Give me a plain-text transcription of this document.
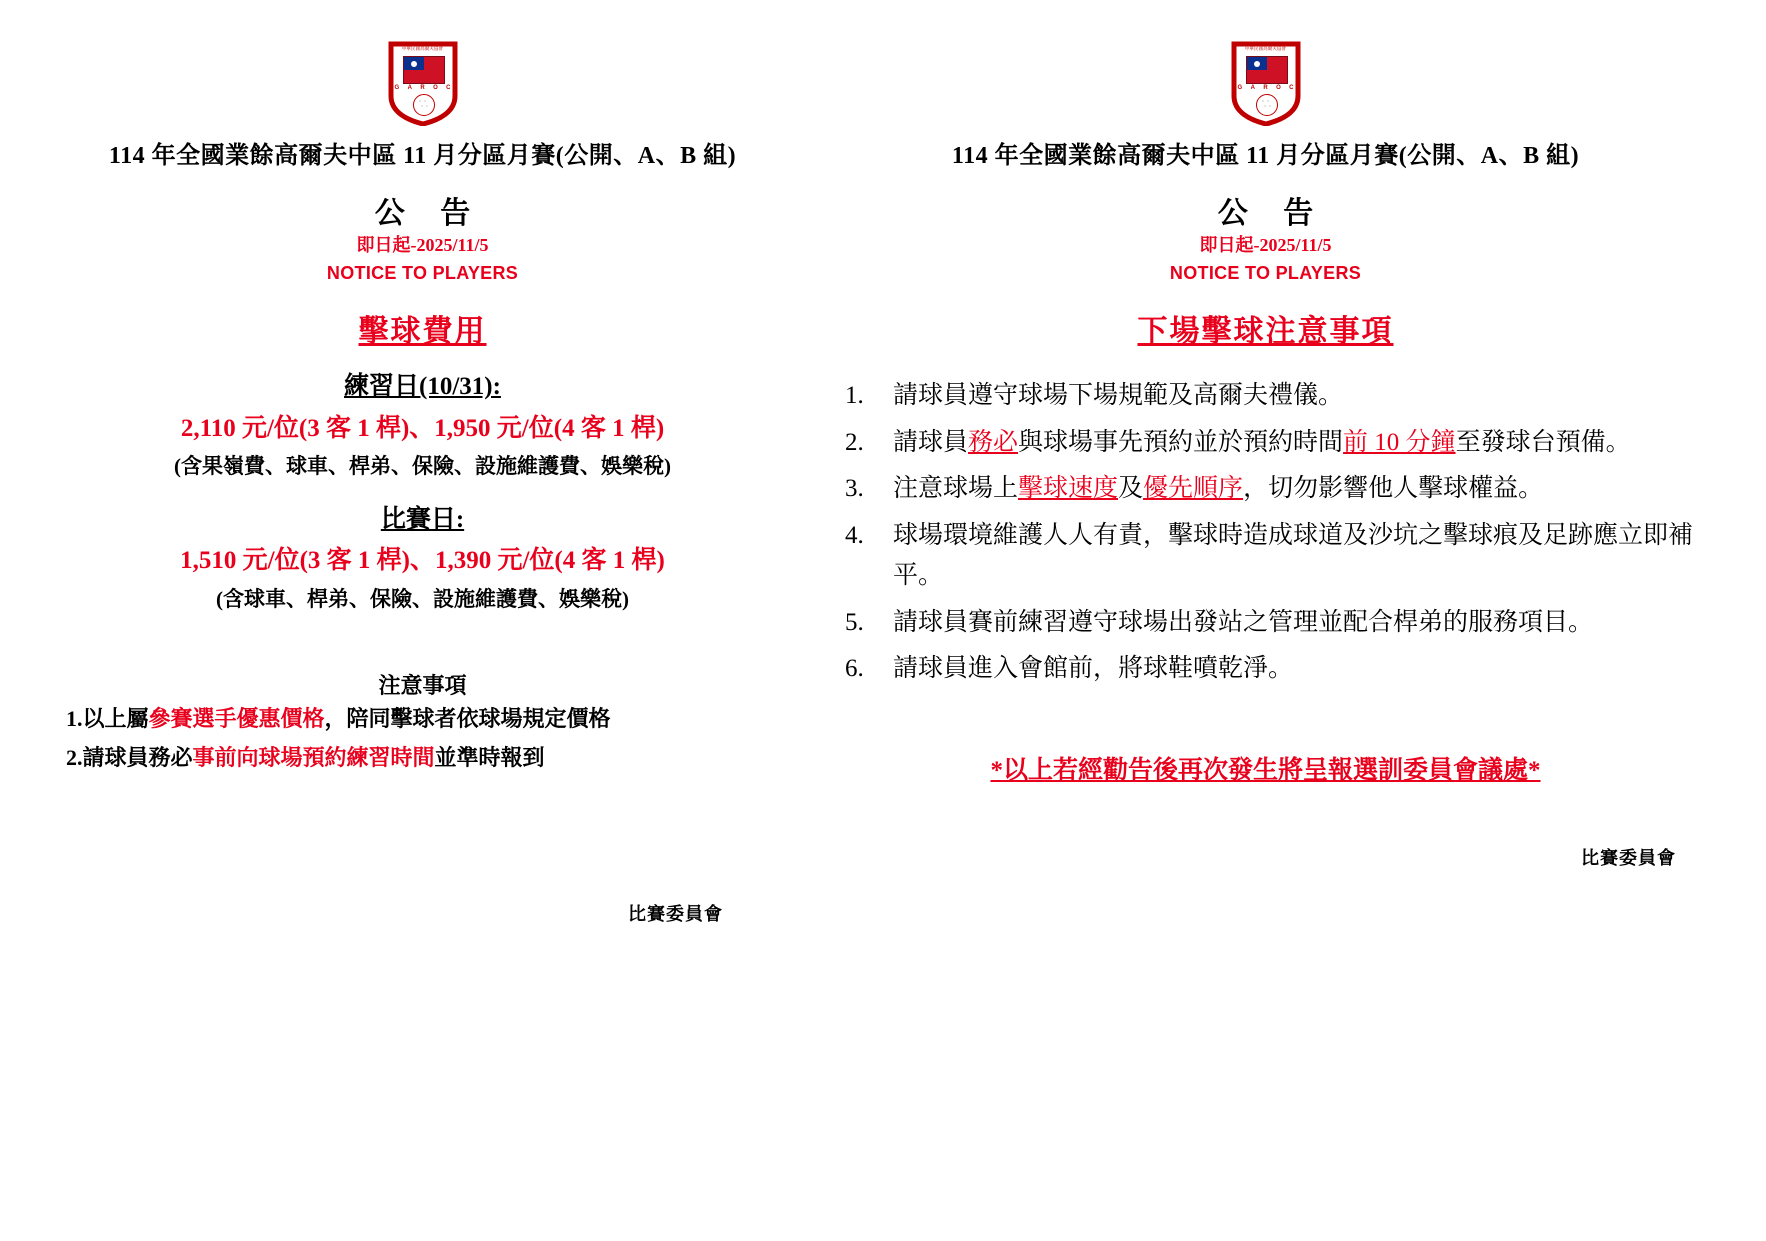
中華民國高爾夫協會
G A R O C
114 年全國業餘高爾夫中區 11 月分區月賽(公開、A、B 組)
公 告
即日起-2025/11/5
NOTICE TO PLAYERS
擊球費用
練習日(10/31):
2,110 元/位(3 客 1 桿)、1,950 元/位(4 客 1 桿)
(含果嶺費、球車、桿弟、保險、設施維護費、娛樂稅)
比賽日:
1,510 元/位(3 客 1 桿)、1,390 元/位(4 客 1 桿)
(含球車、桿弟、保險、設施維護費、娛樂稅)
注意事項
1.以上屬參賽選手優惠價格，陪同擊球者依球場規定價格
2.請球員務必事前向球場預約練習時間並準時報到
比賽委員會
中華民國高爾夫協會
G A R O C
114 年全國業餘高爾夫中區 11 月分區月賽(公開、A、B 組)
公 告
即日起-2025/11/5
NOTICE TO PLAYERS
下場擊球注意事項
1.	請球員遵守球場下場規範及高爾夫禮儀。
2.	請球員務必與球場事先預約並於預約時間前 10 分鐘至發球台預備。
3.	注意球場上擊球速度及優先順序，切勿影響他人擊球權益。
4.	球場環境維護人人有責，擊球時造成球道及沙坑之擊球痕及足跡應立即補平。
5.	請球員賽前練習遵守球場出發站之管理並配合桿弟的服務項目。
6.	請球員進入會館前，將球鞋噴乾淨。
*以上若經勸告後再次發生將呈報選訓委員會議處*
比賽委員會
